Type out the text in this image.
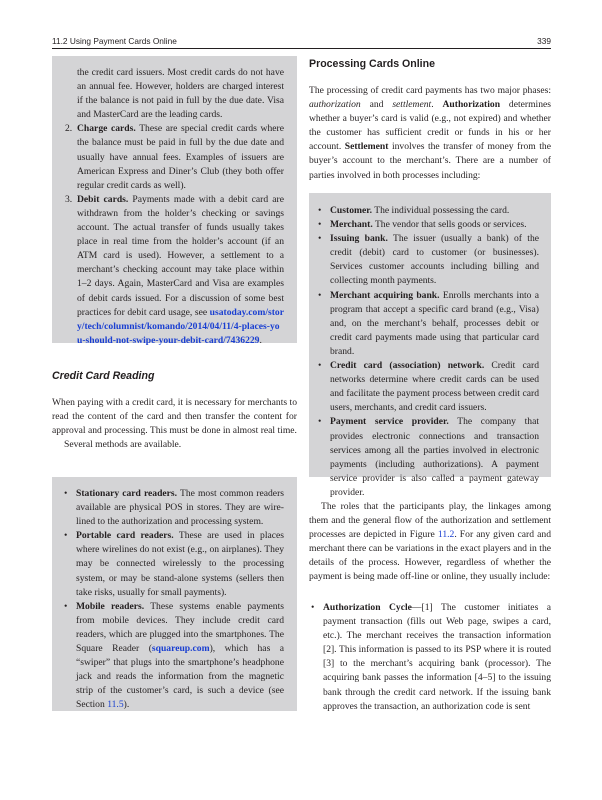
11.2 Using Payment Cards Online	339
the credit card issuers. Most credit cards do not have an annual fee. However, holders are charged interest if the balance is not paid in full by the due date. Visa and MasterCard are the leading cards.
2. Charge cards. These are special credit cards where the balance must be paid in full by the due date and usually have annual fees. Examples of issuers are American Express and Diner’s Club (they both offer regular credit cards as well).
3. Debit cards. Payments made with a debit card are withdrawn from the holder’s checking or savings account. The actual transfer of funds usually takes place in real time from the holder’s account (if an ATM card is used). However, a settlement to a merchant’s checking account may take place within 1–2 days. Again, MasterCard and Visa are examples of debit cards issued. For a discussion of some best practices for debit card usage, see usatoday.com/story/tech/columnist/komando/2014/04/11/4-places-you-should-not-swipe-your-debit-card/7436229.
Credit Card Reading

When paying with a credit card, it is necessary for merchants to read the content of the card and then transfer the content for approval and processing. This must be done in almost real time.

Several methods are available.

• Stationary card readers. The most common readers available are physical POS in stores. They are wire-lined to the authorization and processing system.
• Portable card readers. These are used in places where wirelines do not exist (e.g., on airplanes). They may be connected wirelessly to the processing system, or may be stand-alone systems (sellers then take risks, usually for small payments).
• Mobile readers. These systems enable payments from mobile devices. They include credit card readers, which are plugged into the smartphones. The Square Reader (squareup.com), which has a “swiper” that plugs into the smartphone’s headphone jack and reads the information from the magnetic strip of the customer’s card, is such a device (see Section 11.5).
Processing Cards Online

The processing of credit card payments has two major phases: authorization and settlement. Authorization determines whether a buyer’s card is valid (e.g., not expired) and whether the customer has sufficient credit or funds in his or her account. Settlement involves the transfer of money from the buyer’s account to the merchant’s. There are a number of parties involved in both processes including:

• Customer. The individual possessing the card.
• Merchant. The vendor that sells goods or services.
• Issuing bank. The issuer (usually a bank) of the credit (debit) card to customer (or businesses). Services customer accounts including billing and collecting month payments.
• Merchant acquiring bank. Enrolls merchants into a program that accept a specific card brand (e.g., Visa) and, on the merchant’s behalf, processes debit or credit card payments made using that particular card brand.
• Credit card (association) network. Credit card networks determine where credit cards can be used and facilitate the payment process between credit card users, merchants, and credit card issuers.
• Payment service provider. The company that provides electronic connections and transaction services among all the parties involved in electronic payments (including authorizations). A payment service provider is also called a payment gateway provider.

The roles that the participants play, the linkages among them and the general flow of the authorization and settlement processes are depicted in Figure 11.2. For any given card and merchant there can be variations in the exact players and in the details of the process. However, regardless of whether the payment is being made off-line or online, they usually include:

• Authorization Cycle—[1] The customer initiates a payment transaction (fills out Web page, swipes a card, etc.). The merchant receives the transaction information [2]. This information is passed to its PSP where it is routed [3] to the merchant’s acquiring bank (processor). The acquiring bank passes the information [4–5] to the issuing bank through the credit card network. If the issuing bank approves the transaction, an authorization code is sent
